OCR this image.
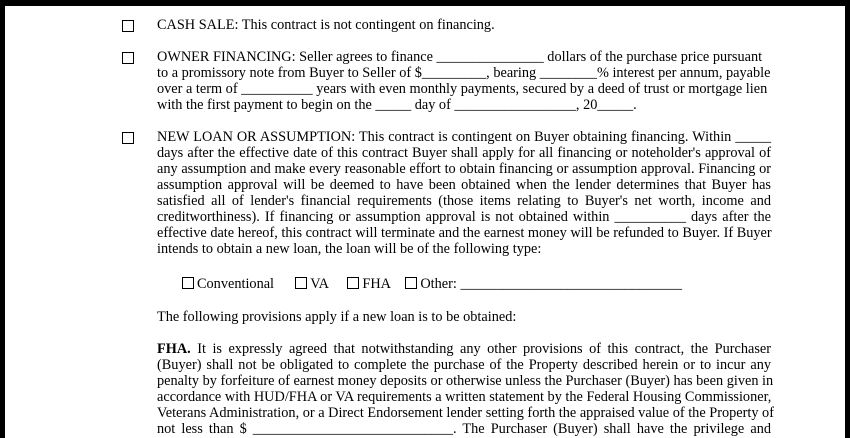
CASH SALE: This contract is not contingent on financing.
OWNER FINANCING: Seller agrees to finance _______________ dollars of the purchase price pursuant
to a promissory note from Buyer to Seller of $_________, bearing ________% interest per annum, payable
over a term of __________ years with even monthly payments, secured by a deed of trust or mortgage lien
with the first payment to begin on the _____ day of _________________, 20_____.
NEW LOAN OR ASSUMPTION: This contract is contingent on Buyer obtaining financing. Within _____
days after the effective date of this contract Buyer shall apply for all financing or noteholder's approval of
any assumption and make every reasonable effort to obtain financing or assumption approval. Financing or
assumption approval will be deemed to have been obtained when the lender determines that Buyer has
satisfied all of lender's financial requirements (those items relating to Buyer's net worth, income and
creditworthiness). If financing or assumption approval is not obtained within __________ days after the
effective date hereof, this contract will terminate and the earnest money will be refunded to Buyer. If Buyer
intends to obtain a new loan, the loan will be of the following type:
Conventional	VA FHA Other: _______________________________
The following provisions apply if a new loan is to be obtained:
FHA. It is expressly agreed that notwithstanding any other provisions of this contract, the Purchaser
(Buyer) shall not be obligated to complete the purchase of the Property described herein or to incur any
penalty by forfeiture of earnest money deposits or otherwise unless the Purchaser (Buyer) has been given in
accordance with HUD/FHA or VA requirements a written statement by the Federal Housing Commissioner,
Veterans Administration, or a Direct Endorsement lender setting forth the appraised value of the Property of
not less than $ ____________________________. The Purchaser (Buyer) shall have the privilege and
